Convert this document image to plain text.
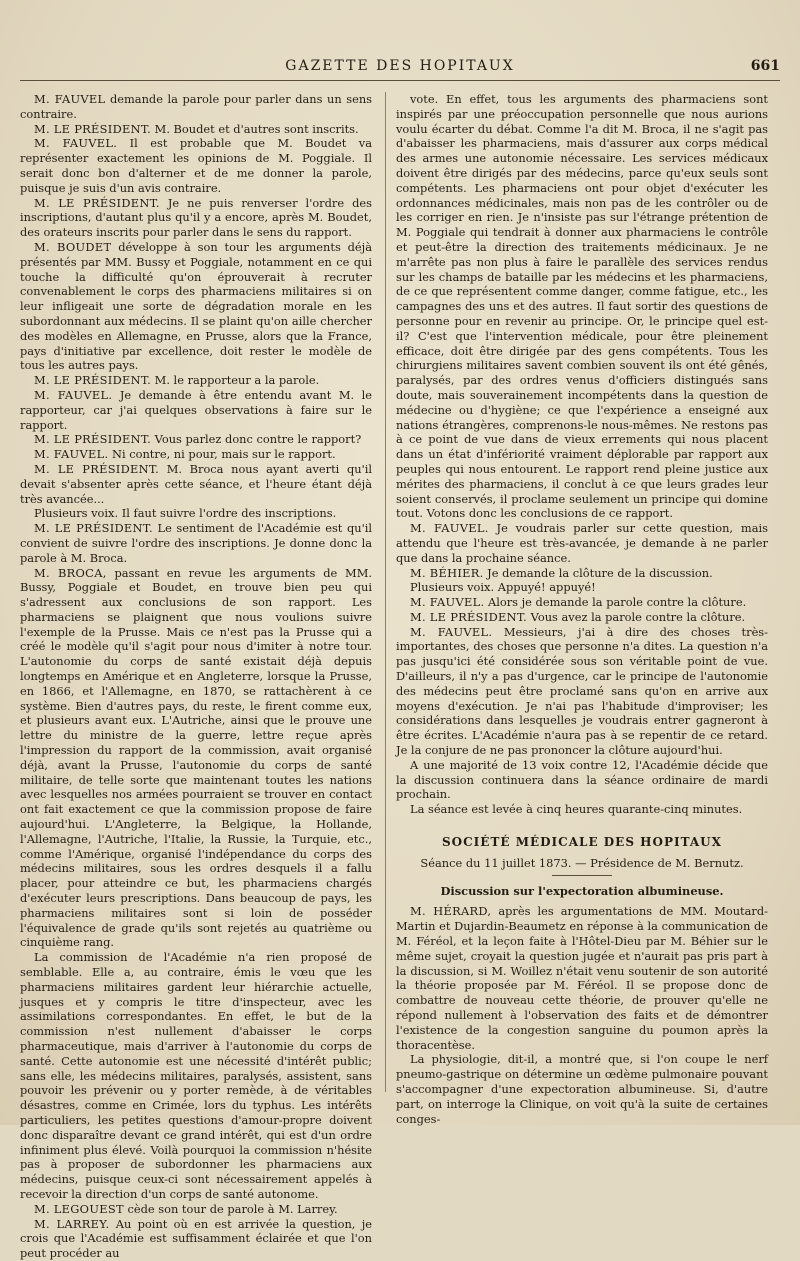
GAZETTE DES HOPITAUX	661

M. FAUVEL demande la parole pour parler dans un sens contraire.

M. LE PRÉSIDENT. M. Boudet et d'autres sont inscrits.

M. FAUVEL. Il est probable que M. Boudet va représenter exactement les opinions de M. Poggiale. Il serait donc bon d'alterner et de me donner la parole, puisque je suis d'un avis contraire.

M. LE PRÉSIDENT. Je ne puis renverser l'ordre des inscriptions, d'autant plus qu'il y a encore, après M. Boudet, des orateurs inscrits pour parler dans le sens du rapport.

M. BOUDET développe à son tour les arguments déjà présentés par MM. Bussy et Poggiale, notamment en ce qui touche la difficulté qu'on éprouverait à recruter convenablement le corps des pharmaciens militaires si on leur infligeait une sorte de dégradation morale en les subordonnant aux médecins. Il se plaint qu'on aille chercher des modèles en Allemagne, en Prusse, alors que la France, pays d'initiative par excellence, doit rester le modèle de tous les autres pays.

M. LE PRÉSIDENT. M. le rapporteur a la parole.

M. FAUVEL. Je demande à être entendu avant M. le rapporteur, car j'ai quelques observations à faire sur le rapport.

M. LE PRÉSIDENT. Vous parlez donc contre le rapport?

M. FAUVEL. Ni contre, ni pour, mais sur le rapport.

M. LE PRÉSIDENT. M. Broca nous ayant averti qu'il devait s'absenter après cette séance, et l'heure étant déjà très avancée...

Plusieurs voix. Il faut suivre l'ordre des inscriptions.

M. LE PRÉSIDENT. Le sentiment de l'Académie est qu'il convient de suivre l'ordre des inscriptions. Je donne donc la parole à M. Broca.

M. BROCA, passant en revue les arguments de MM. Bussy, Poggiale et Boudet, en trouve bien peu qui s'adressent aux conclusions de son rapport. Les pharmaciens se plaignent que nous voulions suivre l'exemple de la Prusse. Mais ce n'est pas la Prusse qui a créé le modèle qu'il s'agit pour nous d'imiter à notre tour. L'autonomie du corps de santé existait déjà depuis longtemps en Amérique et en Angleterre, lorsque la Prusse, en 1866, et l'Allemagne, en 1870, se rattachèrent à ce système. Bien d'autres pays, du reste, le firent comme eux, et plusieurs avant eux. L'Autriche, ainsi que le prouve une lettre du ministre de la guerre, lettre reçue après l'impression du rapport de la commission, avait organisé déjà, avant la Prusse, l'autonomie du corps de santé militaire, de telle sorte que maintenant toutes les nations avec lesquelles nos armées pourraient se trouver en contact ont fait exactement ce que la commission propose de faire aujourd'hui. L'Angleterre, la Belgique, la Hollande, l'Allemagne, l'Autriche, l'Italie, la Russie, la Turquie, etc., comme l'Amérique, organisé l'indépendance du corps des médecins militaires, sous les ordres desquels il a fallu placer, pour atteindre ce but, les pharmaciens chargés d'exécuter leurs prescriptions. Dans beaucoup de pays, les pharmaciens militaires sont si loin de posséder l'équivalence de grade qu'ils sont rejetés au quatrième ou cinquième rang.

La commission de l'Académie n'a rien proposé de semblable. Elle a, au contraire, émis le vœu que les pharmaciens militaires gardent leur hiérarchie actuelle, jusques et y compris le titre d'inspecteur, avec les assimilations correspondantes. En effet, le but de la commission n'est nullement d'abaisser le corps pharmaceutique, mais d'arriver à l'autonomie du corps de santé. Cette autonomie est une nécessité d'intérêt public; sans elle, les médecins militaires, paralysés, assistent, sans pouvoir les prévenir ou y porter remède, à de véritables désastres, comme en Crimée, lors du typhus. Les intérêts particuliers, les petites questions d'amour-propre doivent donc disparaître devant ce grand intérêt, qui est d'un ordre infiniment plus élevé. Voilà pourquoi la commission n'hésite pas à proposer de subordonner les pharmaciens aux médecins, puisque ceux-ci sont nécessairement appelés à recevoir la direction d'un corps de santé autonome.

M. LEGOUEST cède son tour de parole à M. Larrey.

M. LARREY. Au point où en est arrivée la question, je crois que l'Académie est suffisamment éclairée et que l'on peut procéder au

vote. En effet, tous les arguments des pharmaciens sont inspirés par une préoccupation personnelle que nous aurions voulu écarter du débat. Comme l'a dit M. Broca, il ne s'agit pas d'abaisser les pharmaciens, mais d'assurer aux corps médical des armes une autonomie nécessaire. Les services médicaux doivent être dirigés par des médecins, parce qu'eux seuls sont compétents. Les pharmaciens ont pour objet d'exécuter les ordonnances médicinales, mais non pas de les contrôler ou de les corriger en rien. Je n'insiste pas sur l'étrange prétention de M. Poggiale qui tendrait à donner aux pharmaciens le contrôle et peut-être la direction des traitements médicinaux. Je ne m'arrête pas non plus à faire le parallèle des services rendus sur les champs de bataille par les médecins et les pharmaciens, de ce que représentent comme danger, comme fatigue, etc., les campagnes des uns et des autres. Il faut sortir des questions de personne pour en revenir au principe. Or, le principe quel est-il? C'est que l'intervention médicale, pour être pleinement efficace, doit être dirigée par des gens compétents. Tous les chirurgiens militaires savent combien souvent ils ont été gênés, paralysés, par des ordres venus d'officiers distingués sans doute, mais souverainement incompétents dans la question de médecine ou d'hygiène; ce que l'expérience a enseigné aux nations étrangères, comprenons-le nous-mêmes. Ne restons pas à ce point de vue dans de vieux errements qui nous placent dans un état d'infériorité vraiment déplorable par rapport aux peuples qui nous entourent. Le rapport rend pleine justice aux mérites des pharmaciens, il conclut à ce que leurs grades leur soient conservés, il proclame seulement un principe qui domine tout. Votons donc les conclusions de ce rapport.

M. FAUVEL. Je voudrais parler sur cette question, mais attendu que l'heure est très-avancée, je demande à ne parler que dans la prochaine séance.

M. BÉHIER. Je demande la clôture de la discussion.

Plusieurs voix. Appuyé! appuyé!

M. FAUVEL. Alors je demande la parole contre la clôture.

M. LE PRÉSIDENT. Vous avez la parole contre la clôture.

M. FAUVEL. Messieurs, j'ai à dire des choses très-importantes, des choses que personne n'a dites. La question n'a pas jusqu'ici été considérée sous son véritable point de vue. D'ailleurs, il n'y a pas d'urgence, car le principe de l'autonomie des médecins peut être proclamé sans qu'on en arrive aux moyens d'exécution. Je n'ai pas l'habitude d'improviser; les considérations dans lesquelles je voudrais entrer gagneront à être écrites. L'Académie n'aura pas à se repentir de ce retard. Je la conjure de ne pas prononcer la clôture aujourd'hui.

A une majorité de 13 voix contre 12, l'Académie décide que la discussion continuera dans la séance ordinaire de mardi prochain.

La séance est levée à cinq heures quarante-cinq minutes.

SOCIÉTÉ MÉDICALE DES HOPITAUX
Séance du 11 juillet 1873. — Présidence de M. Bernutz.
Discussion sur l'expectoration albumineuse.

M. HÉRARD, après les argumentations de MM. Moutard-Martin et Dujardin-Beaumetz en réponse à la communication de M. Féréol, et la leçon faite à l'Hôtel-Dieu par M. Béhier sur le même sujet, croyait la question jugée et n'aurait pas pris part à la discussion, si M. Woillez n'était venu soutenir de son autorité la théorie proposée par M. Féréol. Il se propose donc de combattre de nouveau cette théorie, de prouver qu'elle ne répond nullement à l'observation des faits et de démontrer l'existence de la congestion sanguine du poumon après la thoracentèse.

La physiologie, dit-il, a montré que, si l'on coupe le nerf pneumo-gastrique on détermine un œdème pulmonaire pouvant s'accompagner d'une expectoration albumineuse. Si, d'autre part, on interroge la Clinique, on voit qu'à la suite de certaines conges-
